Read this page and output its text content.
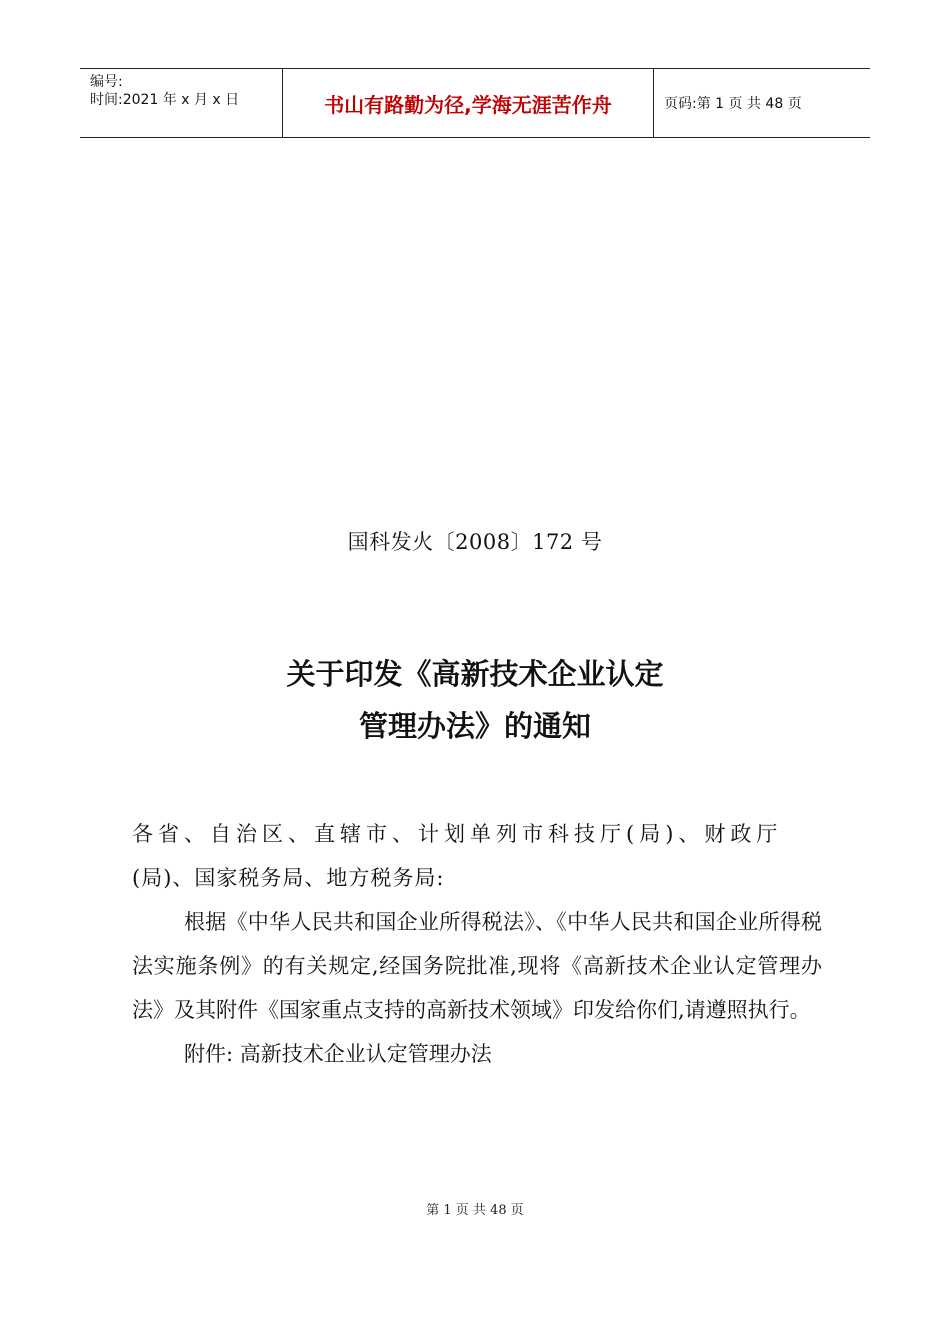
编号:
时间:2021 年 x 月 x 日	书山有路勤为径,学海无涯苦作舟	页码:第 1 页 共 48 页
国科发火〔2008〕172 号
关于印发《高新技术企业认定
管理办法》的通知

各省、自治区、直辖市、计划单列市科技厅(局)、财政厅

(局)、国家税务局、地方税务局:

根据《中华人民共和国企业所得税法》、《中华人民共和国企业所得税法实施条例》的有关规定,经国务院批准,现将《高新技术企业认定管理办法》及其附件《国家重点支持的高新技术领域》印发给你们,请遵照执行。

附件: 高新技术企业认定管理办法

第 1 页 共 48 页
